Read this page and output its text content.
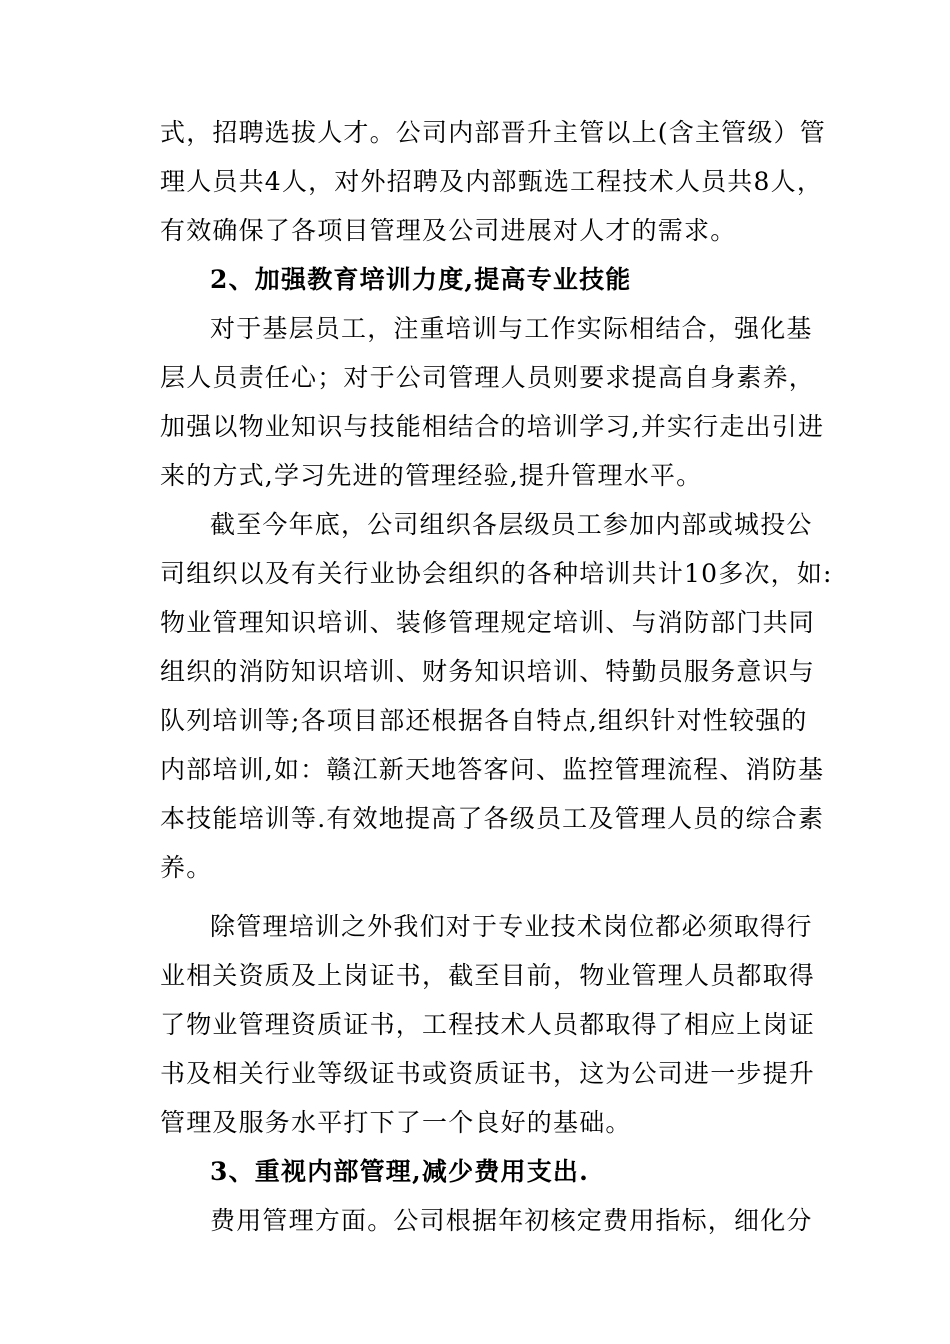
式，招聘选拔人才。公司内部晋升主管以上(含主管级）管
理人员共4人，对外招聘及内部甄选工程技术人员共8人，
有效确保了各项目管理及公司进展对人才的需求。
2、加强教育培训力度,提高专业技能
对于基层员工，注重培训与工作实际相结合，强化基
层人员责任心；对于公司管理人员则要求提高自身素养，
加强以物业知识与技能相结合的培训学习,并实行走出引进
来的方式,学习先进的管理经验,提升管理水平。
截至今年底，公司组织各层级员工参加内部或城投公
司组织以及有关行业协会组织的各种培训共计10多次，如:
物业管理知识培训、装修管理规定培训、与消防部门共同
组织的消防知识培训、财务知识培训、特勤员服务意识与
队列培训等;各项目部还根据各自特点,组织针对性较强的
内部培训,如：赣江新天地答客问、监控管理流程、消防基
本技能培训等.有效地提高了各级员工及管理人员的综合素
养。
除管理培训之外我们对于专业技术岗位都必须取得行
业相关资质及上岗证书，截至目前，物业管理人员都取得
了物业管理资质证书，工程技术人员都取得了相应上岗证
书及相关行业等级证书或资质证书，这为公司进一步提升
管理及服务水平打下了一个良好的基础。
3、重视内部管理,减少费用支出.
费用管理方面。公司根据年初核定费用指标，细化分
